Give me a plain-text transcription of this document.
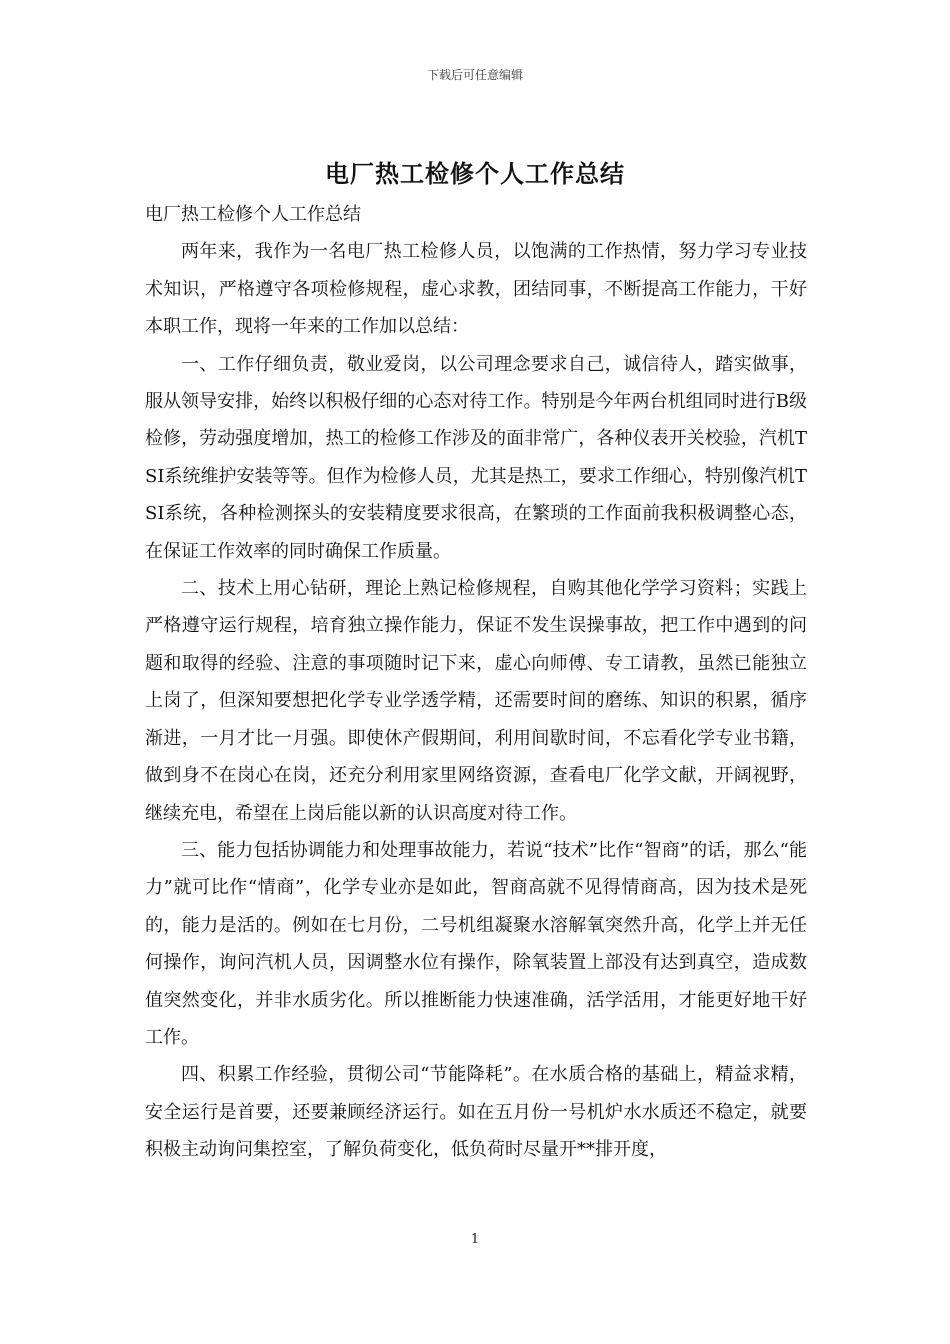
下载后可任意编辑
电厂热工检修个人工作总结

电厂热工检修个人工作总结

两年来，我作为一名电厂热工检修人员，以饱满的工作热情，努力学习专业技术知识，严格遵守各项检修规程，虚心求教，团结同事，不断提高工作能力，干好本职工作，现将一年来的工作加以总结：

一、工作仔细负责，敬业爱岗，以公司理念要求自己，诚信待人，踏实做事，服从领导安排，始终以积极仔细的心态对待工作。特别是今年两台机组同时进行B级检修，劳动强度增加，热工的检修工作涉及的面非常广，各种仪表开关校验，汽机TSI系统维护安装等等。但作为检修人员，尤其是热工，要求工作细心，特别像汽机TSI系统，各种检测探头的安装精度要求很高，在繁琐的工作面前我积极调整心态，在保证工作效率的同时确保工作质量。

二、技术上用心钻研，理论上熟记检修规程，自购其他化学学习资料；实践上严格遵守运行规程，培育独立操作能力，保证不发生误操事故，把工作中遇到的问题和取得的经验、注意的事项随时记下来，虚心向师傅、专工请教，虽然已能独立上岗了，但深知要想把化学专业学透学精，还需要时间的磨练、知识的积累，循序渐进，一月才比一月强。即使休产假期间，利用间歇时间，不忘看化学专业书籍，做到身不在岗心在岗，还充分利用家里网络资源，查看电厂化学文献，开阔视野，继续充电，希望在上岗后能以新的认识高度对待工作。

三、能力包括协调能力和处理事故能力，若说“技术”比作“智商”的话，那么“能力”就可比作“情商”，化学专业亦是如此，智商高就不见得情商高，因为技术是死的，能力是活的。例如在七月份，二号机组凝聚水溶解氧突然升高，化学上并无任何操作，询问汽机人员，因调整水位有操作，除氧装置上部没有达到真空，造成数值突然变化，并非水质劣化。所以推断能力快速准确，活学活用，才能更好地干好工作。

四、积累工作经验，贯彻公司“节能降耗”。在水质合格的基础上，精益求精，安全运行是首要，还要兼顾经济运行。如在五月份一号机炉水水质还不稳定，就要积极主动询问集控室，了解负荷变化，低负荷时尽量开**排开度，

1
